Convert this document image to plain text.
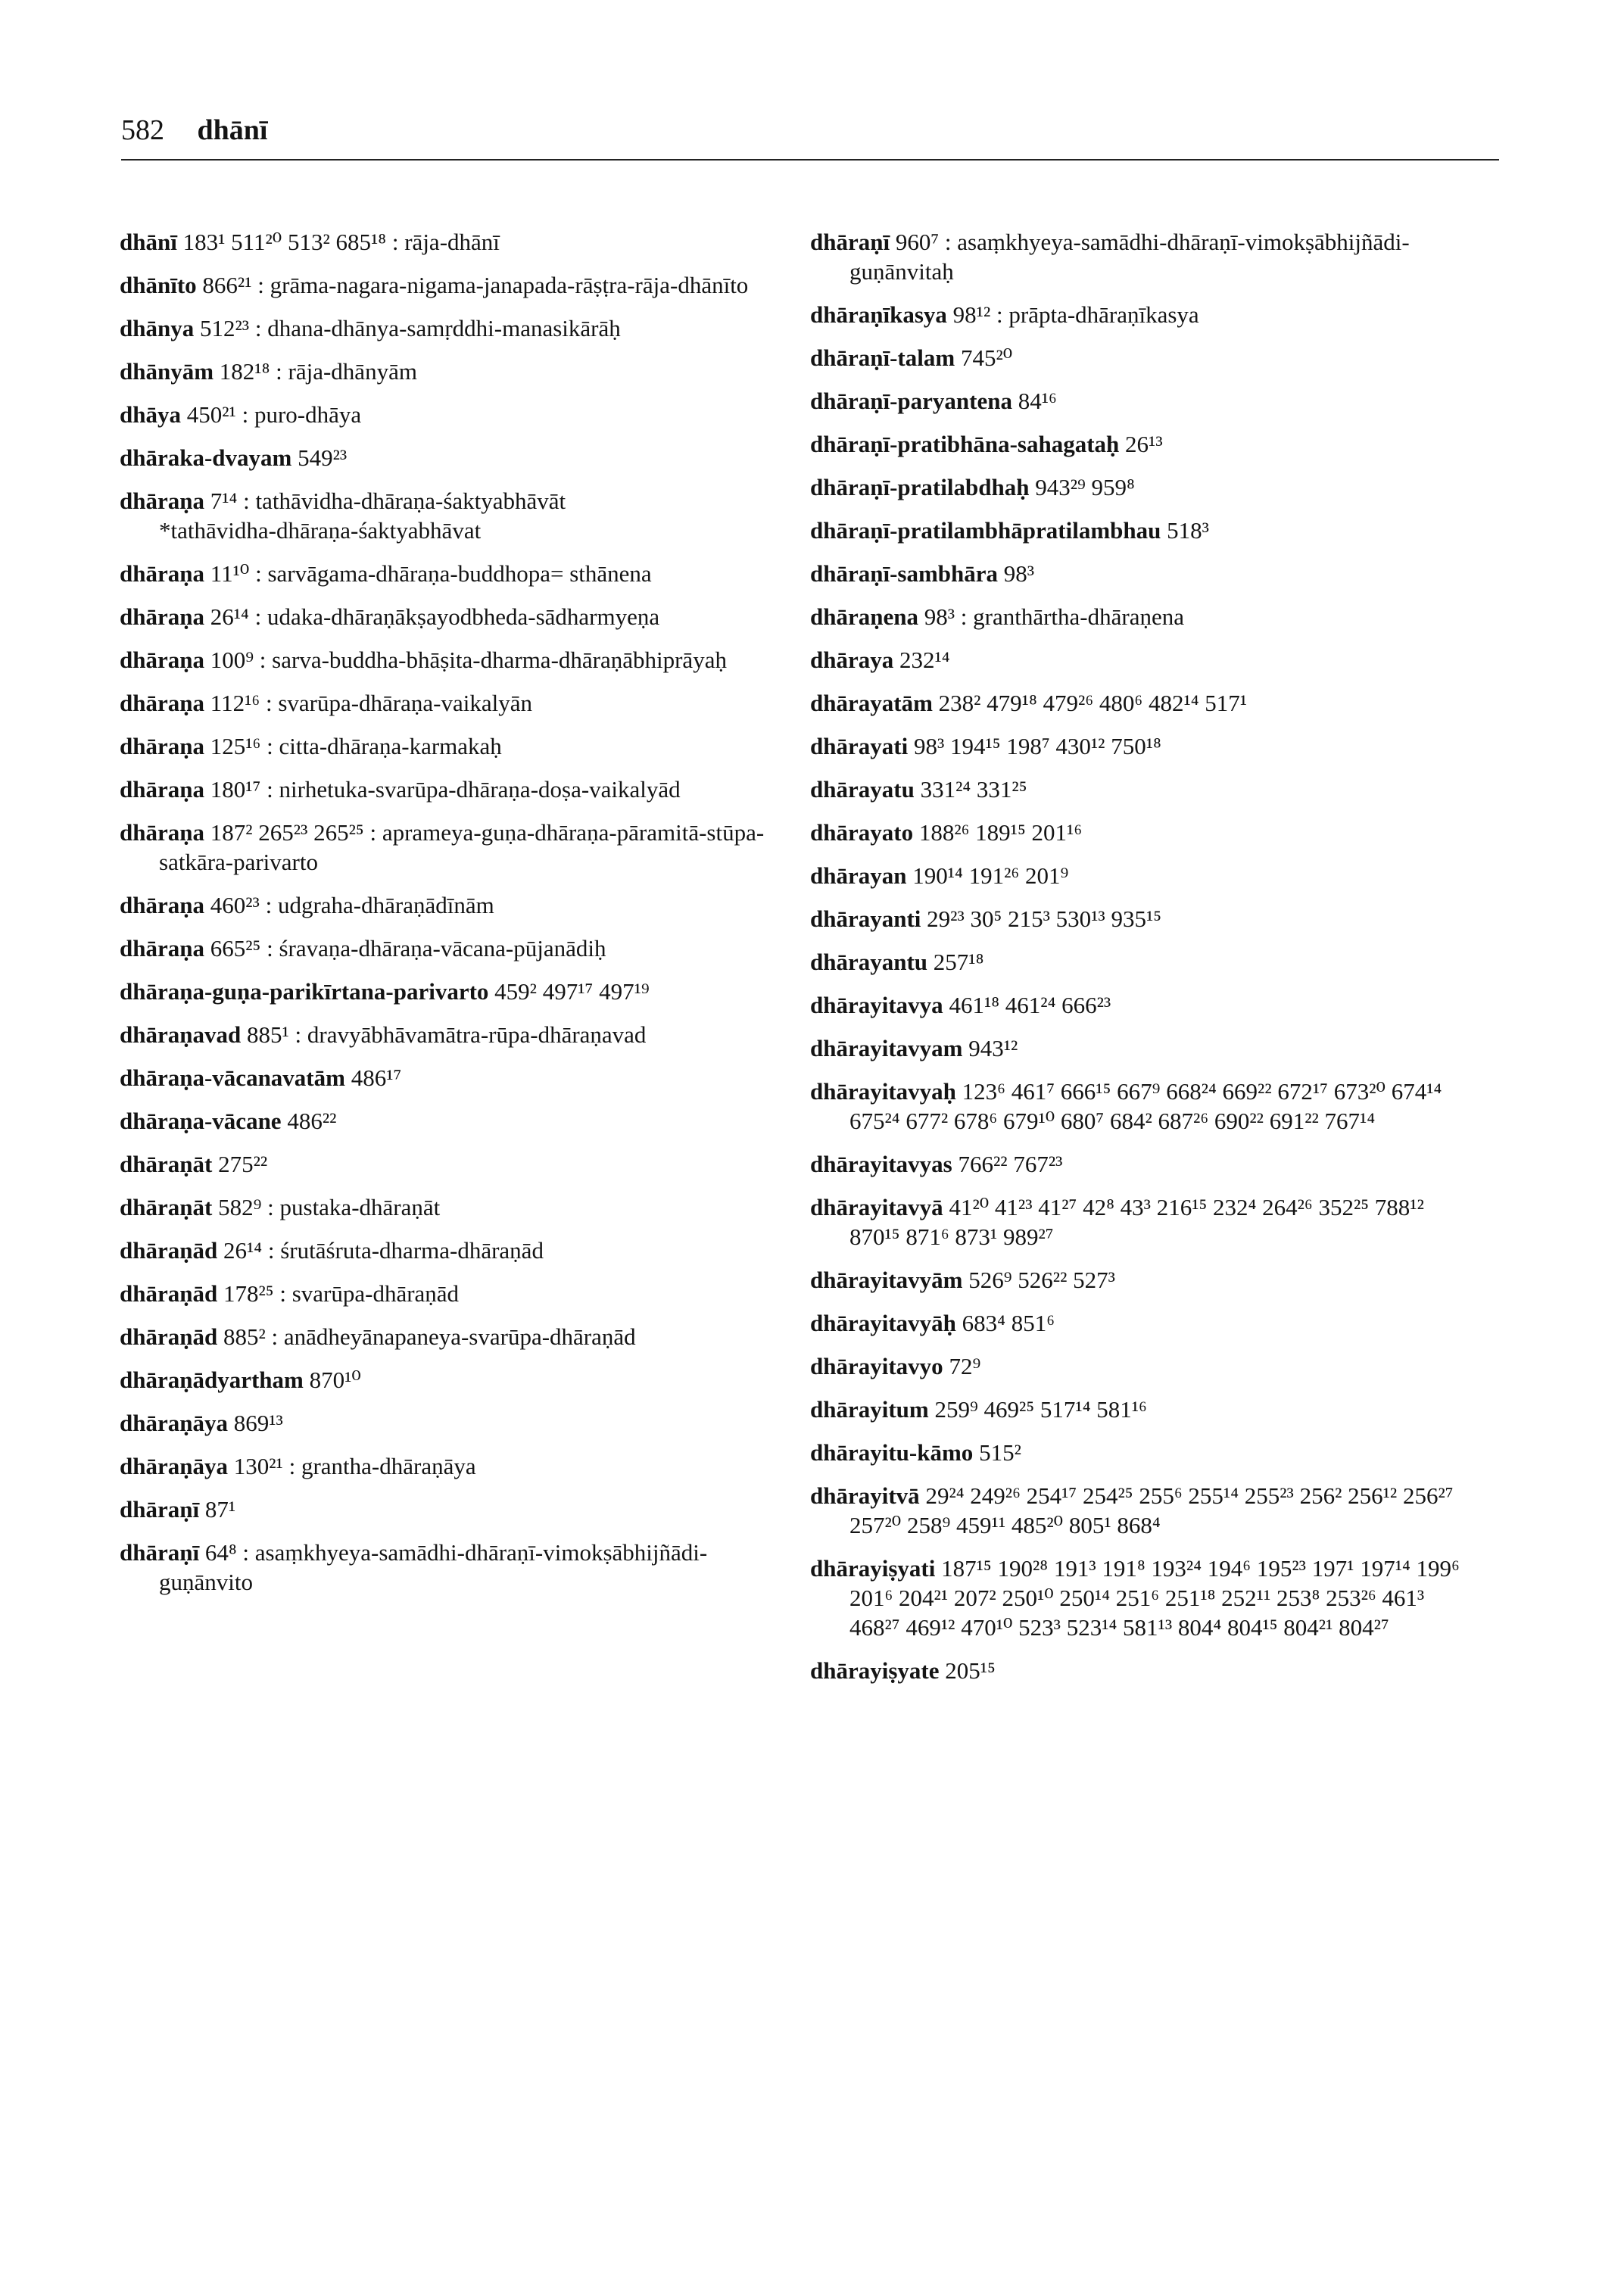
582 dhānī
dhānī 183¹ 511²⁰ 513² 685¹⁸ : rāja-dhānī
dhānīto 866²¹ : grāma-nagara-nigama-janapada-rāṣṭra-rāja-dhānīto
dhānya 512²³ : dhana-dhānya-samṛddhi-manasikārāḥ
dhānyām 182¹⁸ : rāja-dhānyām
dhāya 450²¹ : puro-dhāya
dhāraka-dvayam 549²³
dhāraṇa 7¹⁴ : tathāvidha-dhāraṇa-śaktyabhāvāt
*tathāvidha-dhāraṇa-śaktyabhāvat
dhāraṇa 11¹⁰ : sarvāgama-dhāraṇa-buddhopa= sthānena
dhāraṇa 26¹⁴ : udaka-dhāraṇākṣayodbheda-sādharmyeṇa
dhāraṇa 100⁹ : sarva-buddha-bhāṣita-dharma-dhāraṇābhiprāyaḥ
dhāraṇa 112¹⁶ : svarūpa-dhāraṇa-vaikalyān
dhāraṇa 125¹⁶ : citta-dhāraṇa-karmakaḥ
dhāraṇa 180¹⁷ : nirhetuka-svarūpa-dhāraṇa-doṣa-vaikalyād
dhāraṇa 187² 265²³ 265²⁵ : aprameya-guṇa-dhāraṇa-pāramitā-stūpa-satkāra-parivarto
dhāraṇa 460²³ : udgraha-dhāraṇādīnām
dhāraṇa 665²⁵ : śravaṇa-dhāraṇa-vācana-pūjanādiḥ
dhāraṇa-guṇa-parikīrtana-parivarto 459² 497¹⁷ 497¹⁹
dhāraṇavad 885¹ : dravyābhāvamātra-rūpa-dhāraṇavad
dhāraṇa-vācanavatām 486¹⁷
dhāraṇa-vācane 486²²
dhāraṇāt 275²²
dhāraṇāt 582⁹ : pustaka-dhāraṇāt
dhāraṇād 26¹⁴ : śrutāśruta-dharma-dhāraṇād
dhāraṇād 178²⁵ : svarūpa-dhāraṇād
dhāraṇād 885² : anādheyānapaneya-svarūpa-dhāraṇād
dhāraṇādyartham 870¹⁰
dhāraṇāya 869¹³
dhāraṇāya 130²¹ : grantha-dhāraṇāya
dhāraṇī 87¹
dhāraṇī 64⁸ : asaṃkhyeya-samādhi-dhāraṇī-vimokṣābhijñādi-guṇānvito
dhāraṇī 960⁷ : asaṃkhyeya-samādhi-dhāraṇī-vimokṣābhijñādi-guṇānvitaḥ
dhāraṇīkasya 98¹² : prāpta-dhāraṇīkasya
dhāraṇī-talam 745²⁰
dhāraṇī-paryantena 84¹⁶
dhāraṇī-pratibhāna-sahagataḥ 26¹³
dhāraṇī-pratilabdhaḥ 943²⁹ 959⁸
dhāraṇī-pratilambhāpratilambhau 518³
dhāraṇī-sambhāra 98³
dhāraṇena 98³ : granthārtha-dhāraṇena
dhāraya 232¹⁴
dhārayatām 238² 479¹⁸ 479²⁶ 480⁶ 482¹⁴ 517¹
dhārayati 98³ 194¹⁵ 198⁷ 430¹² 750¹⁸
dhārayatu 331²⁴ 331²⁵
dhārayato 188²⁶ 189¹⁵ 201¹⁶
dhārayan 190¹⁴ 191²⁶ 201⁹
dhārayanti 29²³ 30⁵ 215³ 530¹³ 935¹⁵
dhārayantu 257¹⁸
dhārayitavya 461¹⁸ 461²⁴ 666²³
dhārayitavyam 943¹²
dhārayitavyaḥ 123⁶ 461⁷ 666¹⁵ 667⁹ 668²⁴ 669²² 672¹⁷ 673²⁰ 674¹⁴ 675²⁴ 677² 678⁶ 679¹⁰ 680⁷ 684² 687²⁶ 690²² 691²² 767¹⁴
dhārayitavyas 766²² 767²³
dhārayitavyā 41²⁰ 41²³ 41²⁷ 42⁸ 43³ 216¹⁵ 232⁴ 264²⁶ 352²⁵ 788¹² 870¹⁵ 871⁶ 873¹ 989²⁷
dhārayitavyām 526⁹ 526²² 527³
dhārayitavyāḥ 683⁴ 851⁶
dhārayitavyo 72⁹
dhārayitum 259⁹ 469²⁵ 517¹⁴ 581¹⁶
dhārayitu-kāmo 515²
dhārayitvā 29²⁴ 249²⁶ 254¹⁷ 254²⁵ 255⁶ 255¹⁴ 255²³ 256² 256¹² 256²⁷ 257²⁰ 258⁹ 459¹¹ 485²⁰ 805¹ 868⁴
dhārayiṣyati 187¹⁵ 190²⁸ 191³ 191⁸ 193²⁴ 194⁶ 195²³ 197¹ 197¹⁴ 199⁶ 201⁶ 204²¹ 207² 250¹⁰ 250¹⁴ 251⁶ 251¹⁸ 252¹¹ 253⁸ 253²⁶ 461³ 468²⁷ 469¹² 470¹⁰ 523³ 523¹⁴ 581¹³ 804⁴ 804¹⁵ 804²¹ 804²⁷
dhārayiṣyate 205¹⁵
